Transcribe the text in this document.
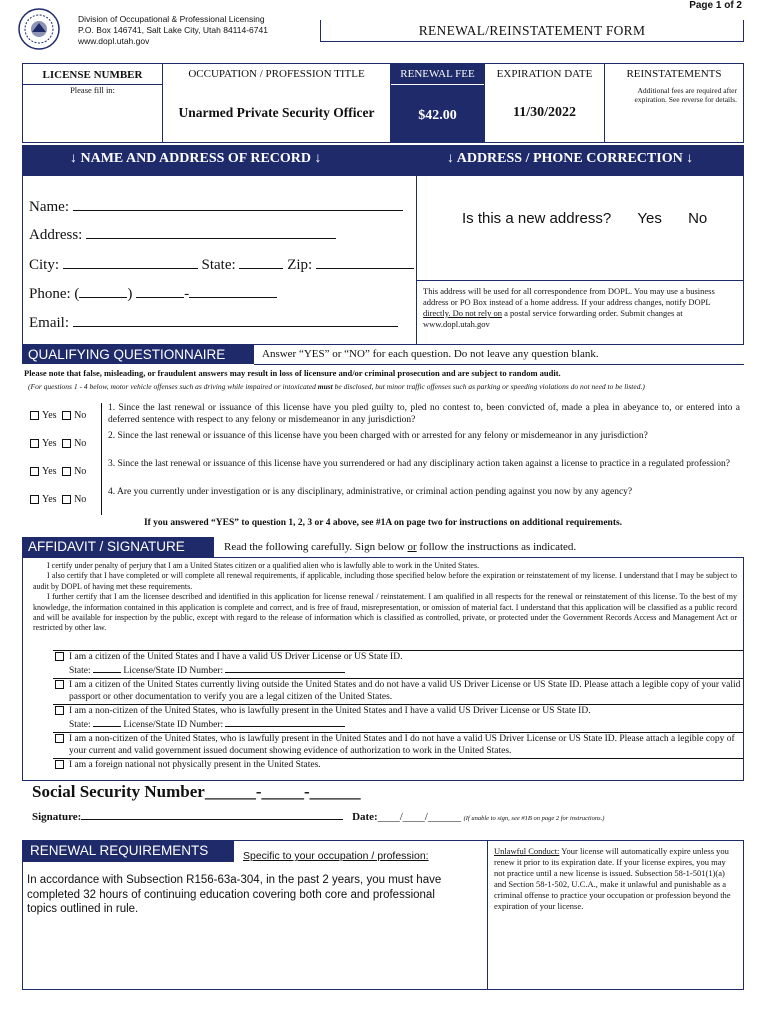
Page 1 of 2
Division of Occupational & Professional Licensing
P.O. Box 146741, Salt Lake City, Utah 84114-6741
www.dopl.utah.gov
RENEWAL/REINSTATEMENT FORM
LICENSE NUMBER
Please fill in:
OCCUPATION / PROFESSION TITLE
Unarmed Private Security Officer
RENEWAL FEE
$42.00
EXPIRATION DATE
11/30/2022
REINSTATEMENTS
Additional fees are required after expiration. See reverse for details.
↓ NAME AND ADDRESS OF RECORD ↓	↓ ADDRESS / PHONE CORRECTION ↓
Name:
Address:
City:	State:	Zip:
Phone: (	)	-
Email:
Is this a new address? Yes No
This address will be used for all correspondence from DOPL. You may use a business address or PO Box instead of a home address. If your address changes, notify DOPL directly. Do not rely on a postal service forwarding order. Submit changes at www.dopl.utah.gov
QUALIFYING QUESTIONNAIRE	Answer “YES” or “NO” for each question. Do not leave any question blank.
Please note that false, misleading, or fraudulent answers may result in loss of licensure and/or criminal prosecution and are subject to random audit.
(For questions 1 - 4 below, motor vehicle offenses such as driving while impaired or intoxicated must be disclosed, but minor traffic offenses such as parking or speeding violations do not need to be listed.)
Yes No
1. Since the last renewal or issuance of this license have you pled guilty to, pled no contest to, been convicted of, made a plea in abeyance to, or entered into a deferred sentence with respect to any felony or misdemeanor in any jurisdiction?
Yes No
2. Since the last renewal or issuance of this license have you been charged with or arrested for any felony or misdemeanor in any jurisdiction?
Yes No
3. Since the last renewal or issuance of this license have you surrendered or had any disciplinary action taken against a license to practice in a regulated profession?
Yes No
4. Are you currently under investigation or is any disciplinary, administrative, or criminal action pending against you now by any agency?
If you answered “YES” to question 1, 2, 3 or 4 above, see #1A on page two for instructions on additional requirements.
AFFIDAVIT / SIGNATURE	Read the following carefully. Sign below or follow the instructions as indicated.
I certify under penalty of perjury that I am a United States citizen or a qualified alien who is lawfully able to work in the United States.
I also certify that I have completed or will complete all renewal requirements, if applicable, including those specified below before the expiration or reinstatement of my license. I understand that I may be subject to audit by DOPL of having met these requirements.
I further certify that I am the licensee described and identified in this application for license renewal / reinstatement. I am qualified in all respects for the renewal or reinstatement of this license. To the best of my knowledge, the information contained in this application is complete and correct, and is free of fraud, misrepresentation, or omission of material fact. I understand that this application will be classified as a public record and will be available for inspection by the public, except with regard to the release of information which is classified as controlled, private, or protected under the Government Records Access and Management Act or restricted by other law.
I am a citizen of the United States and I have a valid US Driver License or US State ID.
State:	License/State ID Number:
I am a citizen of the United States currently living outside the United States and do not have a valid US Driver License or US State ID. Please attach a legible copy of your valid passport or other documentation to verify you are a legal citizen of the United States.
I am a non-citizen of the United States, who is lawfully present in the United States and I have a valid US Driver License or US State ID.
State:	License/State ID Number:
I am a non-citizen of the United States, who is lawfully present in the United States and I do not have a valid US Driver License or US State ID. Please attach a legible copy of your current and valid government issued document showing evidence of authorization to work in the United States.
I am a foreign national not physically present in the United States.
Social Security Number______-_____-______
Signature:	Date:____/____/______ (If unable to sign, see #1B on page 2 for instructions.)
RENEWAL REQUIREMENTS	Specific to your occupation / profession:
In accordance with Subsection R156-63a-304, in the past 2 years, you must have completed 32 hours of continuing education covering both core and professional topics outlined in rule.
Unlawful Conduct: Your license will automatically expire unless you renew it prior to its expiration date. If your license expires, you may not practice until a new license is issued. Subsection 58-1-501(1)(a) and Section 58-1-502, U.C.A., make it unlawful and punishable as a criminal offense to practice your occupation or profession beyond the expiration of your license.
